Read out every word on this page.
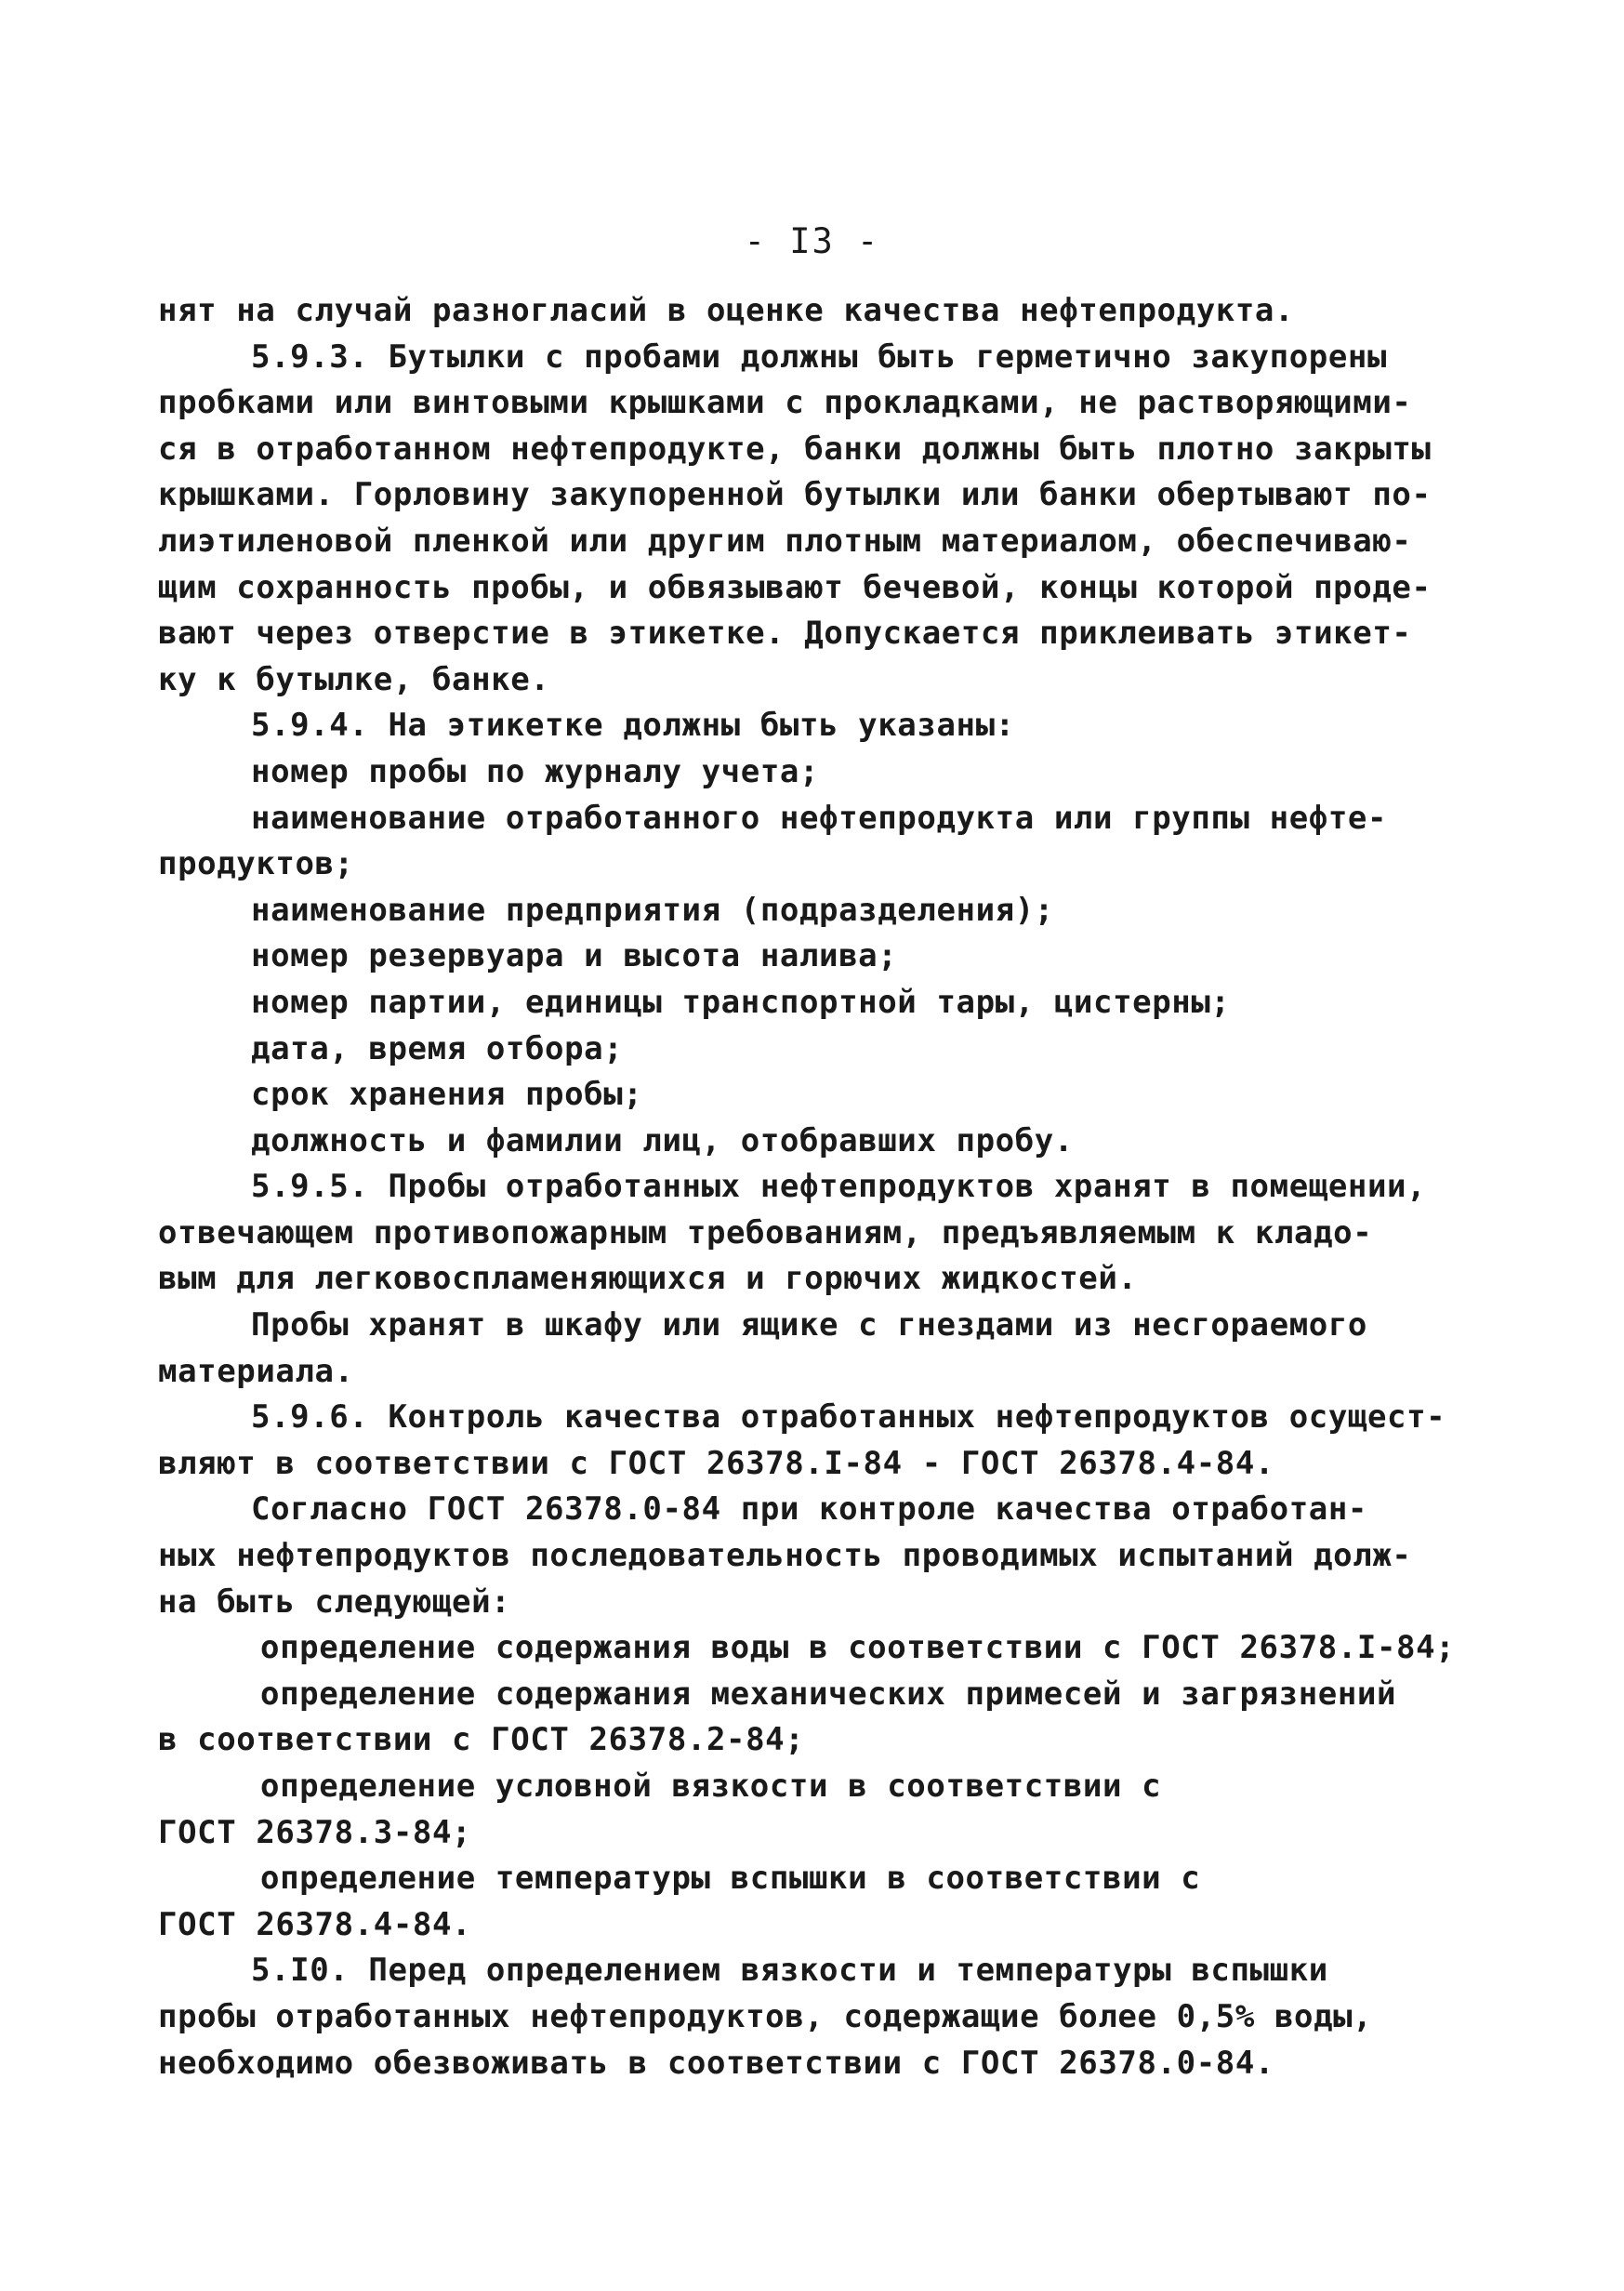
- I3 -
нят на случай разногласий в оценке качества нефтепродукта.
5.9.3. Бутылки с пробами должны быть герметично закупорены
пробками или винтовыми крышками с прокладками, не растворяющими-
ся в отработанном нефтепродукте, банки должны быть плотно закрыты
крышками. Горловину закупоренной бутылки или банки обертывают по-
лиэтиленовой пленкой или другим плотным материалом, обеспечиваю-
щим сохранность пробы, и обвязывают бечевой, концы которой проде-
вают через отверстие в этикетке. Допускается приклеивать этикет-
ку к бутылке, банке.
5.9.4. На этикетке должны быть указаны:
номер пробы по журналу учета;
наименование отработанного нефтепродукта или группы нефте-
продуктов;
наименование предприятия (подразделения);
номер резервуара и высота налива;
номер партии, единицы транспортной тары, цистерны;
дата, время отбора;
срок хранения пробы;
должность и фамилии лиц, отобравших пробу.
5.9.5. Пробы отработанных нефтепродуктов хранят в помещении,
отвечающем противопожарным требованиям, предъявляемым к кладо-
вым для легковоспламеняющихся и горючих жидкостей.
Пробы хранят в шкафу или ящике с гнездами из несгораемого
материала.
5.9.6. Контроль качества отработанных нефтепродуктов осущест-
вляют в соответствии с ГОСТ 26378.I-84 - ГОСТ 26378.4-84.
Согласно ГОСТ 26378.0-84 при контроле качества отработан-
ных нефтепродуктов последовательность проводимых испытаний долж-
на быть следующей:
определение содержания воды в соответствии с ГОСТ 26378.I-84;
определение содержания механических примесей и загрязнений
в соответствии с ГОСТ 26378.2-84;
определение условной вязкости в соответствии с
ГОСТ 26378.3-84;
определение температуры вспышки в соответствии с
ГОСТ 26378.4-84.
5.I0. Перед определением вязкости и температуры вспышки
пробы отработанных нефтепродуктов, содержащие более 0,5% воды,
необходимо обезвоживать в соответствии с ГОСТ 26378.0-84.
